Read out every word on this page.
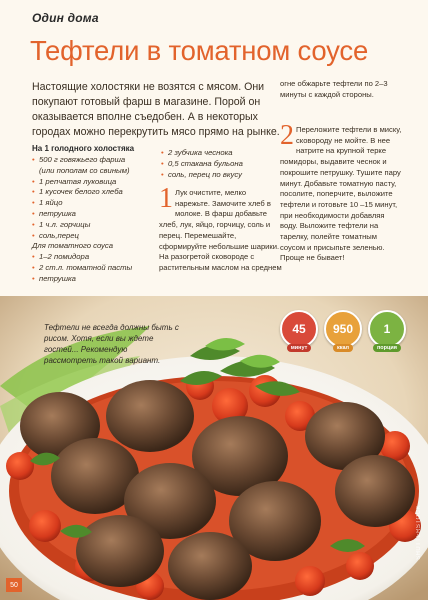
Один дома
Тефтели в томатном соусе
Настоящие холостяки не возятся с мясом. Они покупают готовый фарш в магазине. Порой он оказывается вполне съедобен. А в некоторых городах можно перекрутить мясо прямо на рынке.
огне обжарьте тефтели по 2–3 минуты с каждой стороны.
На 1 голодного холостяка
• 500 г говяжьего фарша
(или пополам со свиным)
• 1 репчатая луковица
• 1 кусочек белого хлеба
• 1 яйцо
• петрушка
• 1 ч.л. горчицы
• соль,перец
Для томатного соуса
• 1–2 помидора
• 2 ст.л. томатной пасты
• петрушка
• 2 зубчика чеснока
• 0,5 стакана бульона
• соль, перец по вкусу
1 Лук очистите, мелко нарежьте. Замочите хлеб в молоке. В фарш добавьте хлеб, лук, яйцо, горчицу, соль и перец. Перемешайте, сформируйте небольшие шарики. На разогретой сковороде с растительным маслом на среднем
2 Переложите тефтели в миску, сковороду не мойте. В нее натрите на крупной терке помидоры, выдавите чеснок и покрошите петрушку. Тушите пару минут. Добавьте томатную пасту, посолите, поперчите, выложите тефтели и готовьте 10 –15 минут, при необходимости добавляя воду. Выложите тефтели на тарелку, полейте томатным соусом и присыпьте зеленью. Проще не бывает!
Тефтели не всегда должны быть с рисом. Хотя, если вы ждете гостей... Рекомендую рассмотреть такой вариант.
45
минут
950
ккал
1
порция
50
SHUTTERSTOCK
